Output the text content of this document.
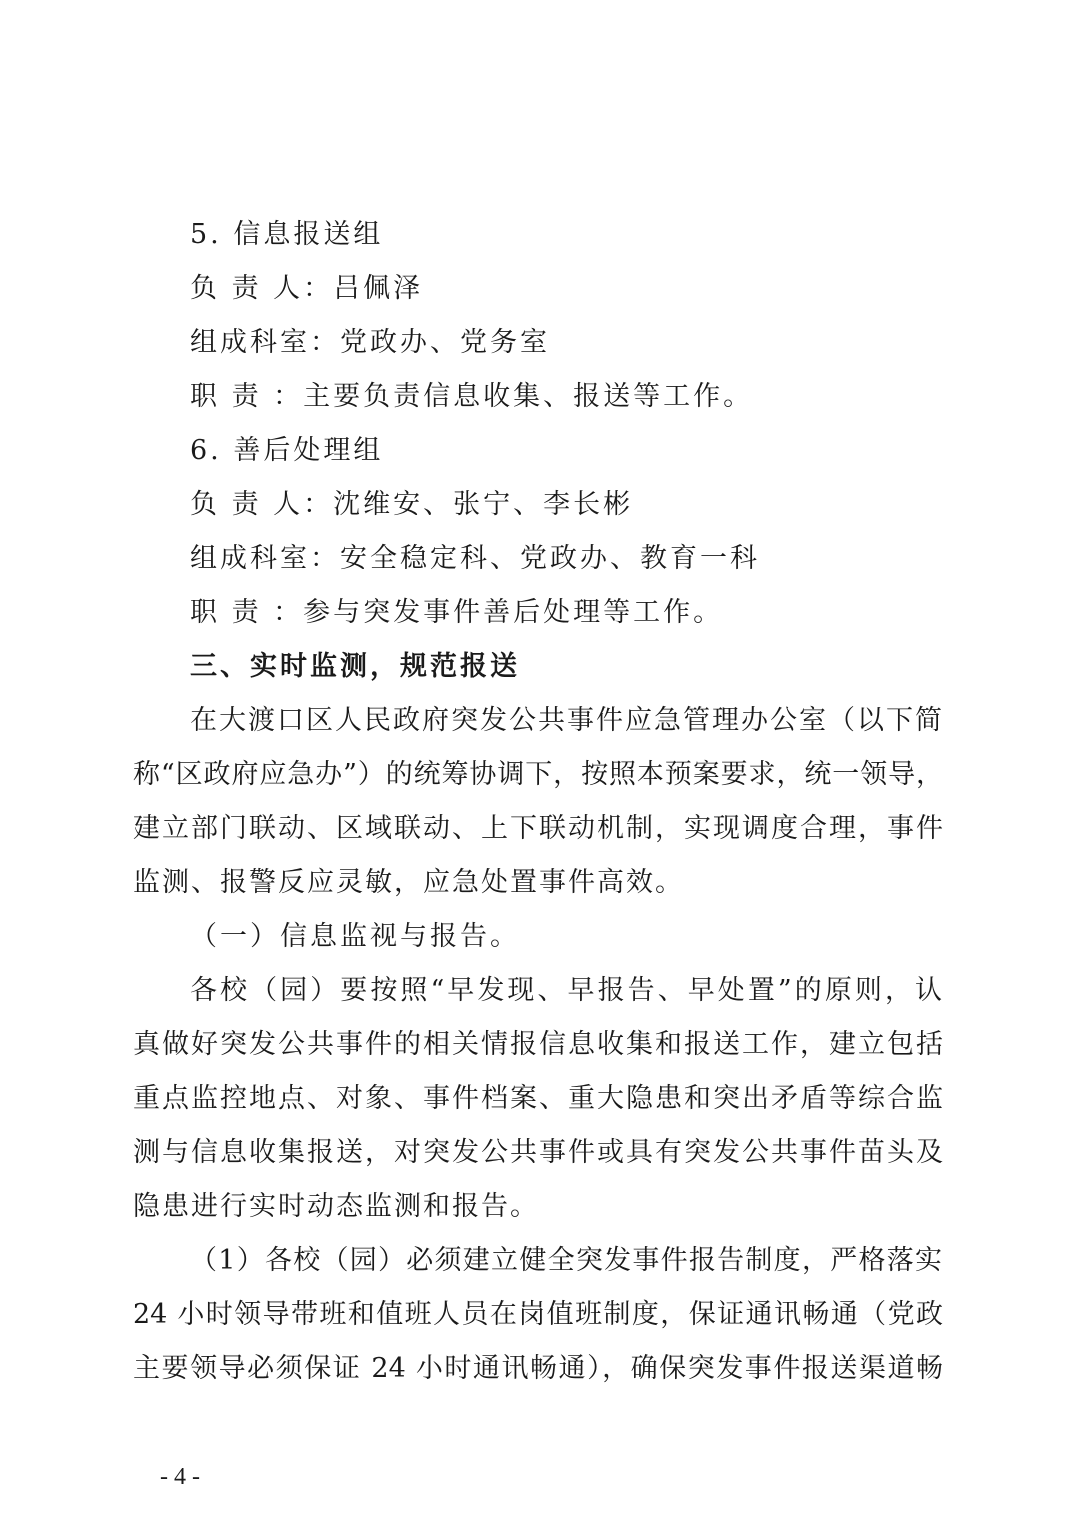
5. 信息报送组
负 责 人：吕佩泽
组成科室：党政办、党务室
职 责 ：主要负责信息收集、报送等工作。
6. 善后处理组
负 责 人：沈维安、张宁、李长彬
组成科室：安全稳定科、党政办、教育一科
职 责 ：参与突发事件善后处理等工作。
三、实时监测，规范报送
在大渡口区人民政府突发公共事件应急管理办公室（以下简
称“区政府应急办”）的统筹协调下，按照本预案要求，统一领导，
建立部门联动、区域联动、上下联动机制，实现调度合理，事件
监测、报警反应灵敏，应急处置事件高效。
（一）信息监视与报告。
各校（园）要按照“早发现、早报告、早处置”的原则，认
真做好突发公共事件的相关情报信息收集和报送工作，建立包括
重点监控地点、对象、事件档案、重大隐患和突出矛盾等综合监
测与信息收集报送，对突发公共事件或具有突发公共事件苗头及
隐患进行实时动态监测和报告。
（1）各校（园）必须建立健全突发事件报告制度，严格落实
24 小时领导带班和值班人员在岗值班制度，保证通讯畅通（党政
主要领导必须保证 24 小时通讯畅通），确保突发事件报送渠道畅
- 4 -
